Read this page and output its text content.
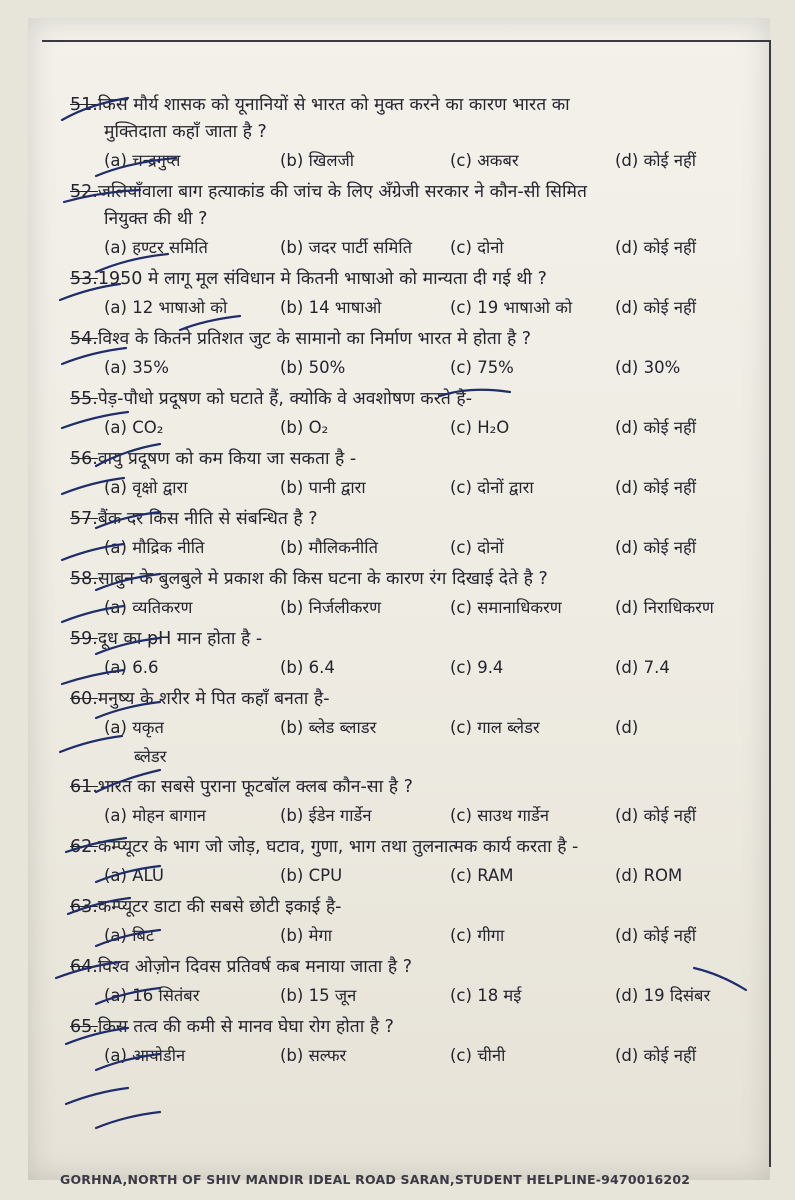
51.किस मौर्य शासक को यूनानियों से भारत को मुक्त करने का कारण भारत का

मुक्तिदाता कहाँ जाता है ?

(a) चन्द्रगुप्त	(b) खिलजी	(c) अकबर	(d) कोई नहीं

52.जलियाँवाला बाग हत्याकांड की जांच के लिए अँग्रेजी सरकार ने कौन-सी सिमित

नियुक्त की थी ?

(a) हण्टर समिति	(b) जदर पार्टी समिति	(c) दोनो	(d) कोई नहीं

53.1950 मे लागू मूल संविधान मे कितनी भाषाओ को मान्यता दी गई थी ?

(a) 12 भाषाओ को	(b) 14 भाषाओ	(c) 19 भाषाओ को	(d) कोई नहीं

54.विश्व के कितने प्रतिशत जुट के सामानो का निर्माण भारत मे होता है ?

(a) 35%	(b) 50%	(c) 75%	(d) 30%

55.पेड़-पौधो प्रदूषण को घटाते हैं, क्योकि वे अवशोषण करते है-

(a) CO₂	(b) O₂	(c) H₂O	(d) कोई नहीं

56.वायु प्रदूषण को कम किया जा सकता है -

(a) वृक्षो द्वारा	(b) पानी द्वारा	(c) दोनों द्वारा	(d) कोई नहीं

57.बैंक दर किस नीति से संबन्धित है ?

(a) मौद्रिक नीति	(b) मौलिकनीति	(c) दोनों	(d) कोई नहीं

58.साबुन के बुलबुले मे प्रकाश की किस घटना के कारण रंग दिखाई देते है ?

(a) व्यतिकरण	(b) निर्जलीकरण	(c) समानाधिकरण	(d) निराधिकरण

59.दूध का pH मान होता है -

(a) 6.6	(b) 6.4	(c) 9.4	(d) 7.4

60.मनुष्य के शरीर मे पित कहाँ बनता है-

(a) यकृत	(b) ब्लेड ब्लाडर	(c) गाल ब्लेडर	(d)
ब्लेडर

61.भारत का सबसे पुराना फूटबॉल क्लब कौन-सा है ?

(a) मोहन बागान	(b) ईडेन गार्डेन	(c) साउथ गार्डेन	(d) कोई नहीं

62.कम्प्यूटर के भाग जो जोड़, घटाव, गुणा, भाग तथा तुलनात्मक कार्य करता है -

(a) ALU	(b) CPU	(c) RAM	(d) ROM

63.कम्प्यूटर डाटा की सबसे छोटी इकाई है-

(a) बिट	(b) मेगा	(c) गीगा	(d) कोई नहीं

64.विश्व ओज़ोन दिवस प्रतिवर्ष कब मनाया जाता है ?

(a) 16 सितंबर	(b) 15 जून	(c) 18 मई	(d) 19 दिसंबर

65.किस तत्व की कमी से मानव घेघा रोग होता है ?

(a) आयोडीन	(b) सल्फर	(c) चीनी	(d) कोई नहीं
GORHNA,NORTH OF SHIV MANDIR IDEAL ROAD SARAN,STUDENT HELPLINE-9470016202
